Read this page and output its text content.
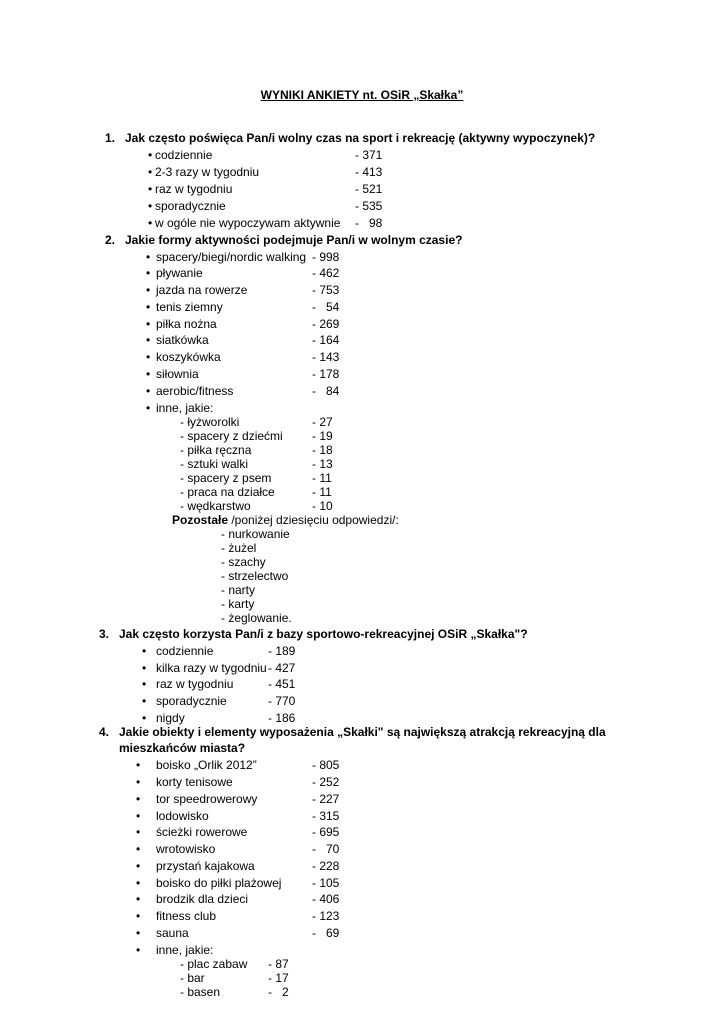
WYNIKI ANKIETY nt. OSiR „Skałka”
1. Jak często poświęca Pan/i wolny czas na sport i rekreację (aktywny wypoczynek)?
• codziennie	- 371
• 2-3 razy w tygodniu	- 413
• raz w tygodniu	- 521
• sporadycznie	- 535
• w ogóle nie wypoczywam aktywnie -   98
2. Jakie formy aktywności podejmuje Pan/i w wolnym czasie?
• spacery/biegi/nordic walking - 998
• pływanie	- 462
• jazda na rowerze	- 753
• tenis ziemny	-   54
• piłka nożna	- 269
• siatkówka	- 164
• koszykówka	- 143
• siłownia	- 178
• aerobic/fitness	-   84
• inne, jakie:
- łyżworolki	- 27
- spacery z dziećmi - 19
- piłka ręczna	- 18
- sztuki walki	- 13
- spacery z psem	- 11
- praca na działce	- 11
- wędkarstwo	- 10
Pozostałe /poniżej dziesięciu odpowiedzi/:
- nurkowanie
- żużel
- szachy
- strzelectwo
- narty
- karty
- żeglowanie.
3. Jak często korzysta Pan/i z bazy sportowo-rekreacyjnej OSiR „Skałka"?
• codziennie	- 189
• kilka razy w tygodniu - 427
• raz w tygodniu	- 451
• sporadycznie	- 770
• nigdy	- 186
4. Jakie obiekty i elementy wyposażenia „Skałki" są największą atrakcją rekreacyjną dla
mieszkańców miasta?
• boisko „Orlik 2012”	- 805
• korty tenisowe	- 252
• tor speedrowerowy	- 227
• lodowisko	- 315
• ścieżki rowerowe	- 695
• wrotowisko	-   70
• przystań kajakowa	- 228
• boisko do piłki plażowej	- 105
• brodzik dla dzieci	- 406
• fitness club	- 123
• sauna	-   69
• inne, jakie:
- plac zabaw - 87
- bar	- 17
- basen	-   2
